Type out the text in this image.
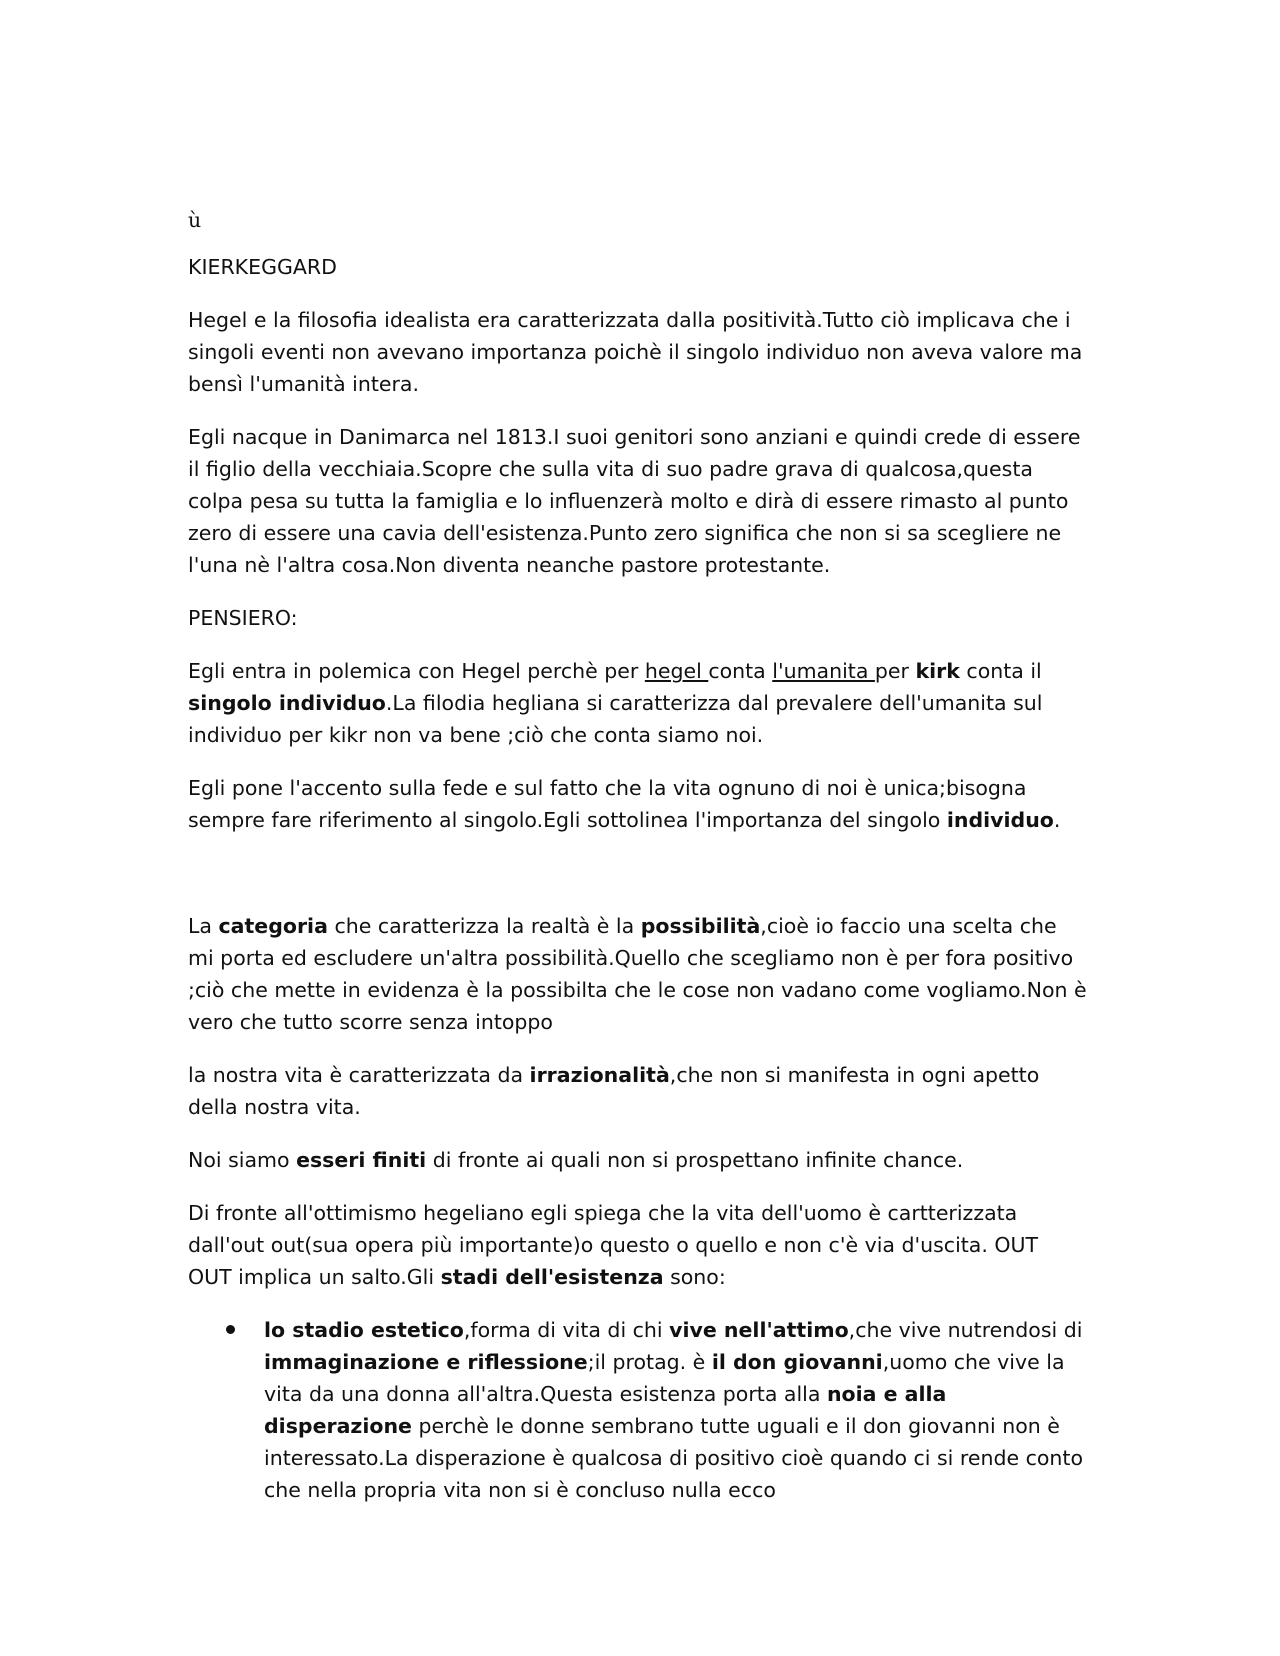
ù

KIERKEGGARD

Hegel e la filosofia idealista era caratterizzata dalla positività.Tutto ciò implicava che i singoli eventi non avevano importanza poichè il singolo individuo non aveva valore ma bensì l'umanità intera.

Egli nacque in Danimarca nel 1813.I suoi genitori sono anziani e quindi crede di essere il figlio della vecchiaia.Scopre che sulla vita di suo padre grava di qualcosa,questa colpa pesa su tutta la famiglia e lo influenzerà molto e dirà di essere rimasto al punto zero di essere una cavia dell'esistenza.Punto zero significa che non si sa scegliere ne l'una nè l'altra cosa.Non diventa neanche pastore protestante.

PENSIERO:

Egli entra in polemica con Hegel perchè per hegel conta l'umanita per kirk conta il singolo individuo.La filodia hegliana si caratterizza dal prevalere dell'umanita sul individuo per kikr non va bene ;ciò che conta siamo noi.

Egli pone l'accento sulla fede e sul fatto che la vita ognuno di noi è unica;bisogna sempre fare riferimento al singolo.Egli sottolinea l'importanza del singolo individuo.

La categoria che caratterizza la realtà è la possibilità,cioè io faccio una scelta che mi porta ed escludere un'altra possibilità.Quello che scegliamo non è per fora positivo ;ciò che mette in evidenza è la possibilta che le cose non vadano come vogliamo.Non è vero che tutto scorre senza intoppo

la nostra vita è caratterizzata da irrazionalità,che non si manifesta in ogni apetto della nostra vita.

Noi siamo esseri finiti di fronte ai quali non si prospettano infinite chance.

Di fronte all'ottimismo hegeliano egli spiega che la vita dell'uomo è cartterizzata dall'out out(sua opera più importante)o questo o quello e non c'è via d'uscita. OUT OUT implica un salto.Gli stadi dell'esistenza sono:

lo stadio estetico,forma di vita di chi vive nell'attimo,che vive nutrendosi di immaginazione e riflessione;il protag. è il don giovanni,uomo che vive la vita da una donna all'altra.Questa esistenza porta alla noia e alla disperazione perchè le donne sembrano tutte uguali e il don giovanni non è interessato.La disperazione è qualcosa di positivo cioè quando ci si rende conto che nella propria vita non si è concluso nulla ecco
